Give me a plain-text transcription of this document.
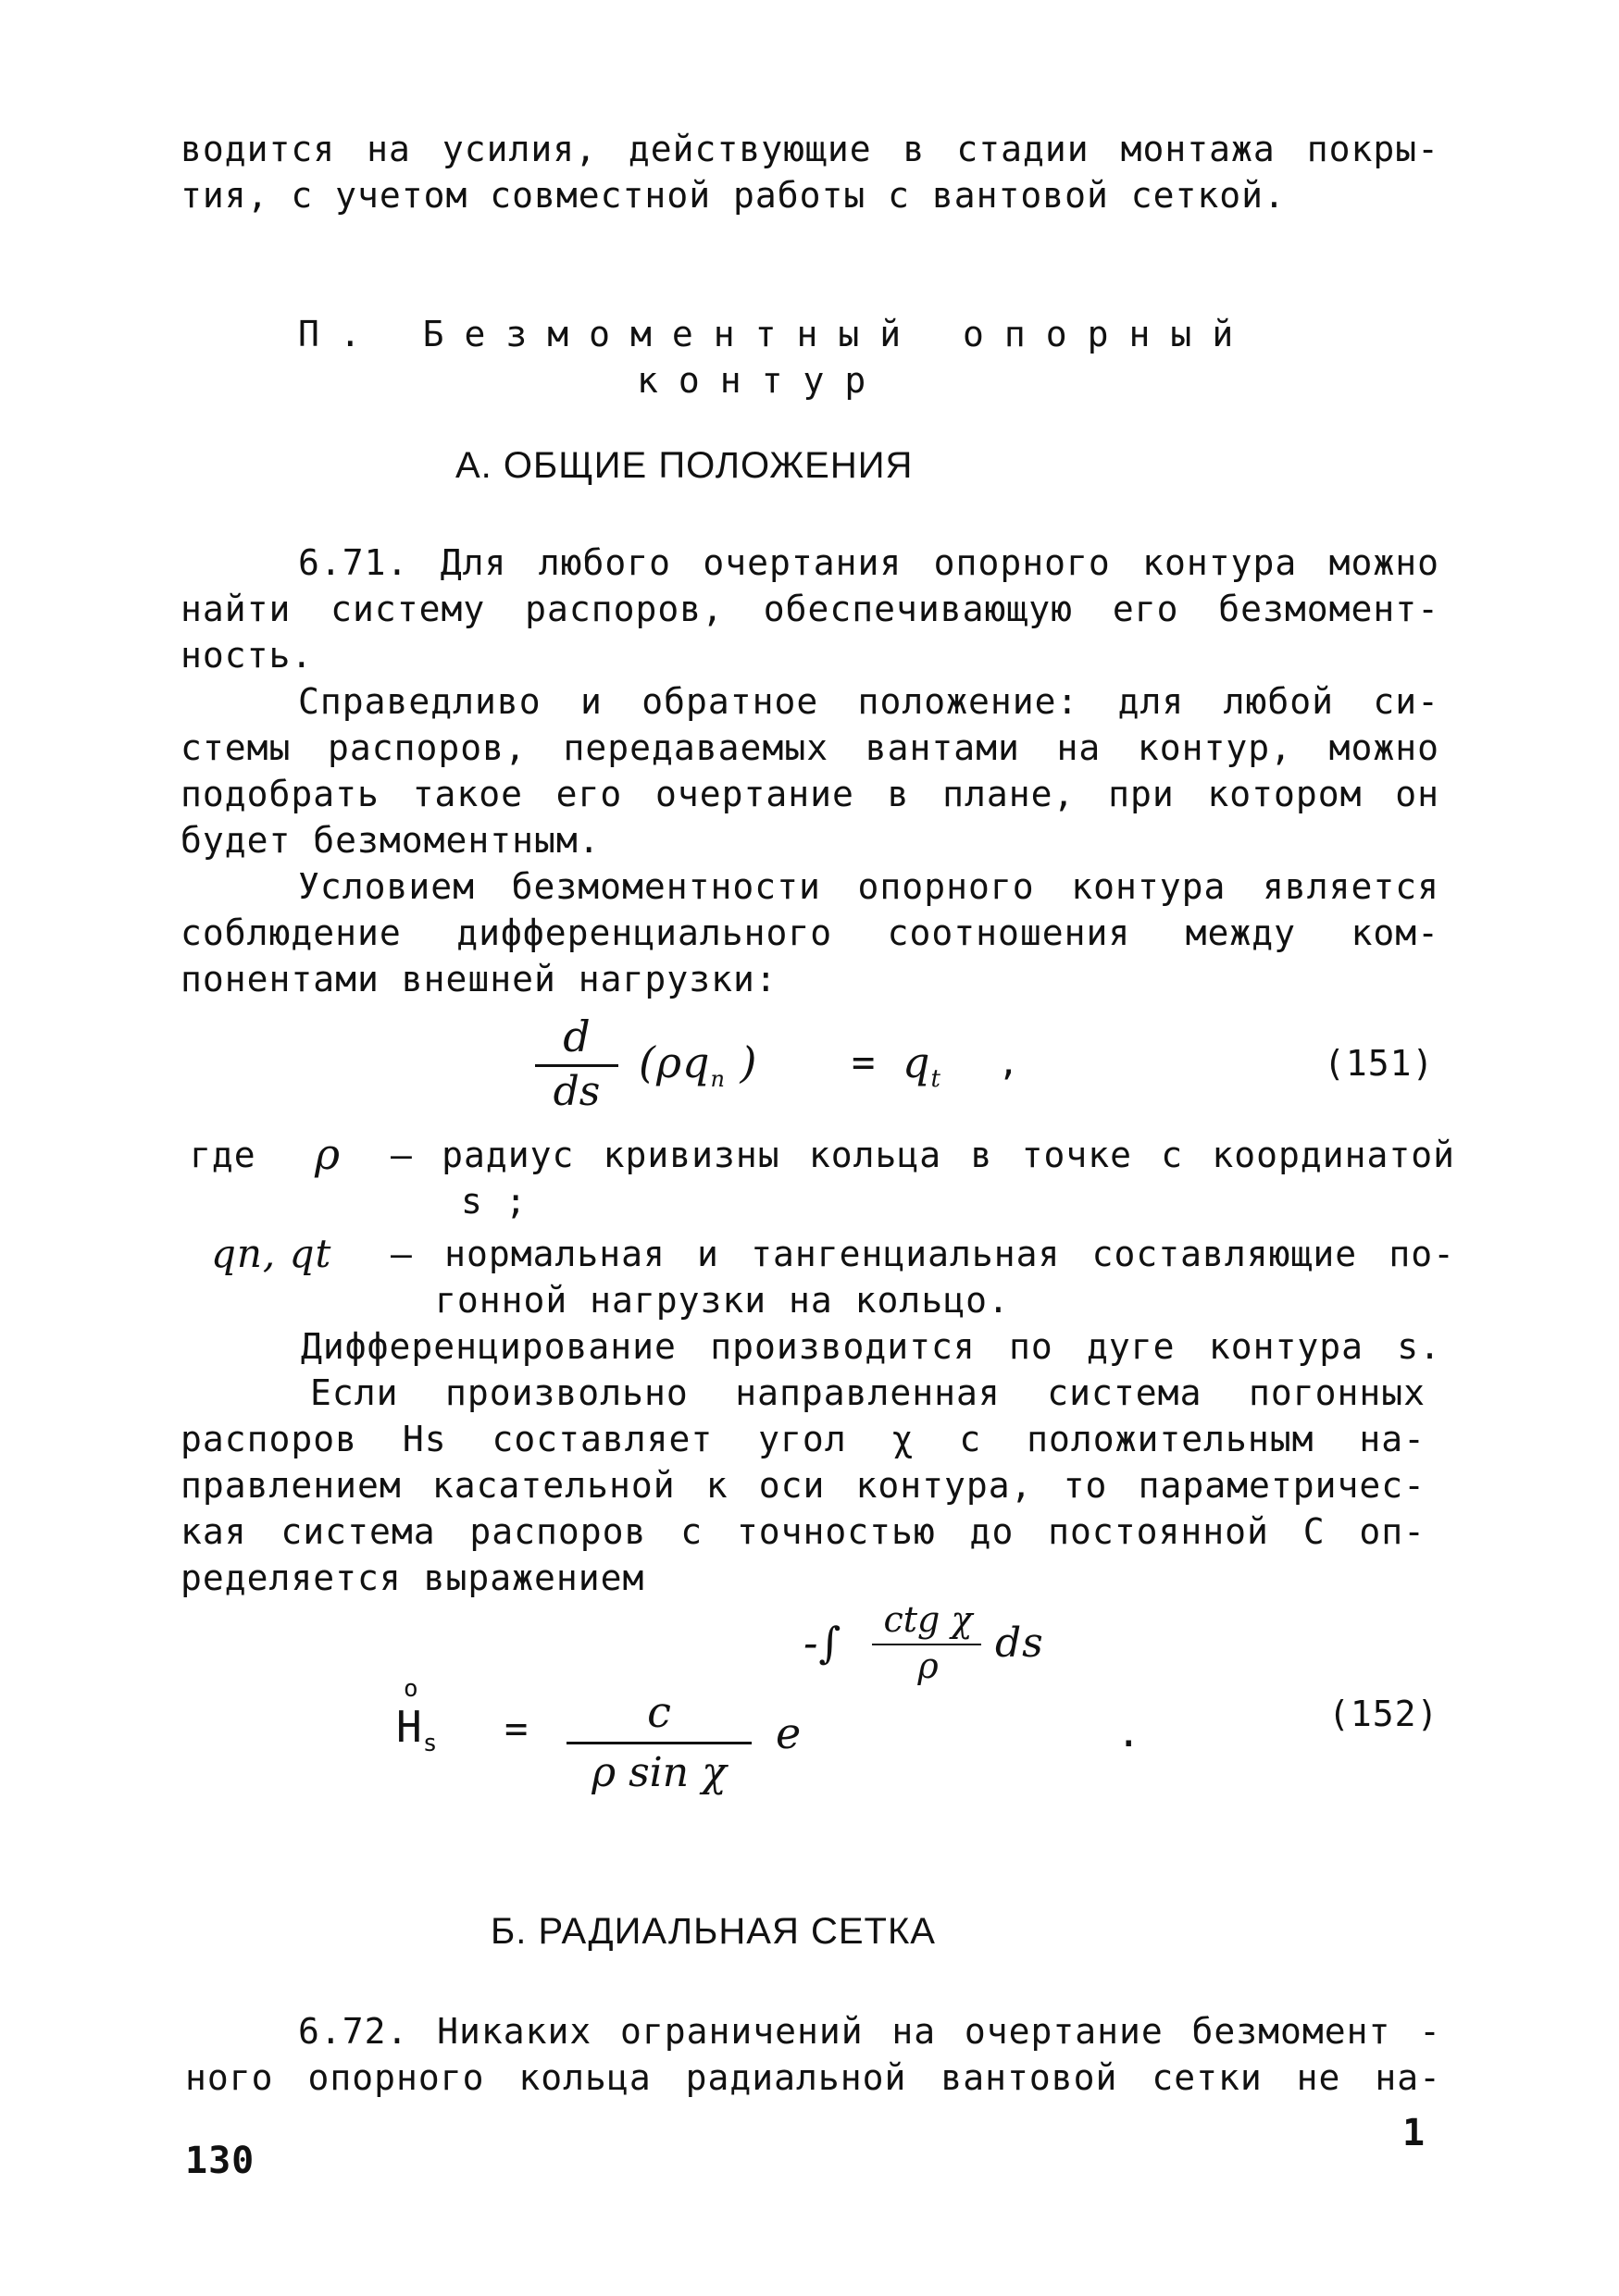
водится на усилия, действующие в стадии монтажа покры-
тия, с учетом совместной работы с вантовой сеткой.
П. Безмоментный опорный
контур
А. ОБЩИЕ ПОЛОЖЕНИЯ
6.71. Для любого очертания опорного контура можно
найти систему распоров, обеспечивающую его безмомент-
ность.
Справедливо и обратное положение: для любой си-
стемы распоров, передаваемых вантами на контур, можно
подобрать такое его очертание в плане, при котором он
будет безмоментным.
Условием безмоментности опорного контура является
соблюдение дифференциального соотношения между ком-
понентами внешней нагрузки:
d
ds
($\rho q_n$ ) = $q_t$ ,	(151)
где ρ – радиус кривизны кольца в точке с координатой
s ;
qn, qt – нормальная и тангенциальная составляющие по-
гонной нагрузки на кольцо.
Дифференцирование производится по дуге контура s.
Если произвольно направленная система погонных
распоров Hs составляет угол χ с положительным на-
правлением касательной к оси контура, то параметричес-
кая система распоров с точностью до постоянной C оп-
ределяется выражением
-∫	ctg χ
ρ	ds
o
$H_s$ =	c
ρ sin χ
e	.	(152)
Б. РАДИАЛЬНАЯ СЕТКА
6.72. Никаких ограничений на очертание безмомент -
ного опорного кольца радиальной вантовой сетки не на-
130
1
